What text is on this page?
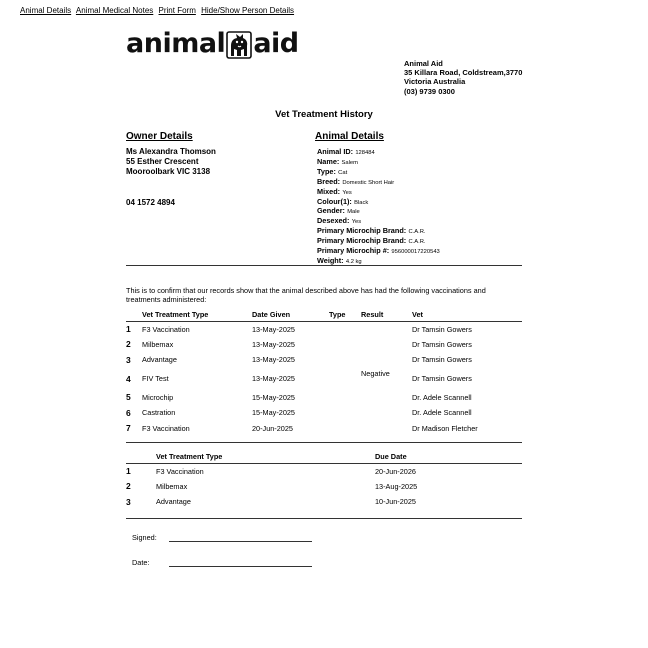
Animal Details Animal Medical Notes Print Form Hide/Show Person Details
animal aid
Animal Aid
35 Killara Road, Coldstream,3770
Victoria Australia
(03) 9739 0300
Vet Treatment History
Owner Details
Ms Alexandra Thomson
55 Esther Crescent
Mooroolbark VIC 3138
04 1572 4894
Animal Details
Animal ID: 128484
Name: Salem
Type: Cat
Breed: Domestic Short Hair
Mixed: Yes
Colour(1): Black
Gender: Male
Desexed: Yes
Primary Microchip Brand: C.A.R.
Primary Microchip Brand: C.A.R.
Primary Microchip #: 956000017220543
Weight: 4.2 kg
This is to confirm that our records show that the animal described above has had the following vaccinations and treatments administered:
	Vet Treatment Type	Date Given	Type	Result	Vet
1	F3 Vaccination	13-May-2025			Dr Tamsin Gowers
2	Milbemax	13-May-2025			Dr Tamsin Gowers
3	Advantage	13-May-2025			Dr Tamsin Gowers
4	FIV Test	13-May-2025		Negative	Dr Tamsin Gowers
5	Microchip	15-May-2025			Dr. Adele Scannell
6	Castration	15-May-2025			Dr. Adele Scannell
7	F3 Vaccination	20-Jun-2025			Dr Madison Fletcher
	Vet Treatment Type	Due Date
1	F3 Vaccination	20-Jun-2026
2	Milbemax	13-Aug-2025
3	Advantage	10-Jun-2025
Signed:
Date:
